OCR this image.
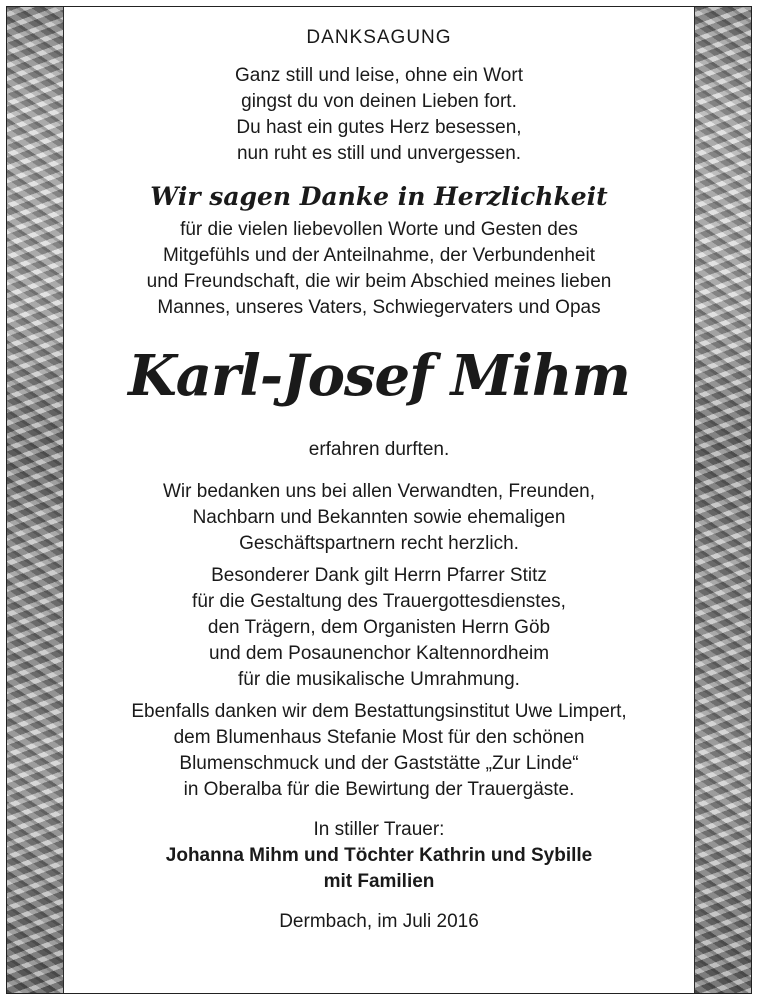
DANKSAGUNG
Ganz still und leise, ohne ein Wort
gingst du von deinen Lieben fort.
Du hast ein gutes Herz besessen,
nun ruht es still und unvergessen.
Wir sagen Danke in Herzlichkeit
für die vielen liebevollen Worte und Gesten des
Mitgefühls und der Anteilnahme, der Verbundenheit
und Freundschaft, die wir beim Abschied meines lieben
Mannes, unseres Vaters, Schwiegervaters und Opas
Karl-Josef Mihm
erfahren durften.
Wir bedanken uns bei allen Verwandten, Freunden,
Nachbarn und Bekannten sowie ehemaligen
Geschäftspartnern recht herzlich.
Besonderer Dank gilt Herrn Pfarrer Stitz
für die Gestaltung des Trauergottesdienstes,
den Trägern, dem Organisten Herrn Göb
und dem Posaunenchor Kaltennordheim
für die musikalische Umrahmung.
Ebenfalls danken wir dem Bestattungsinstitut Uwe Limpert,
dem Blumenhaus Stefanie Most für den schönen
Blumenschmuck und der Gaststätte „Zur Linde“
in Oberalba für die Bewirtung der Trauergäste.
In stiller Trauer:
Johanna Mihm und Töchter Kathrin und Sybille
mit Familien
Dermbach, im Juli 2016
